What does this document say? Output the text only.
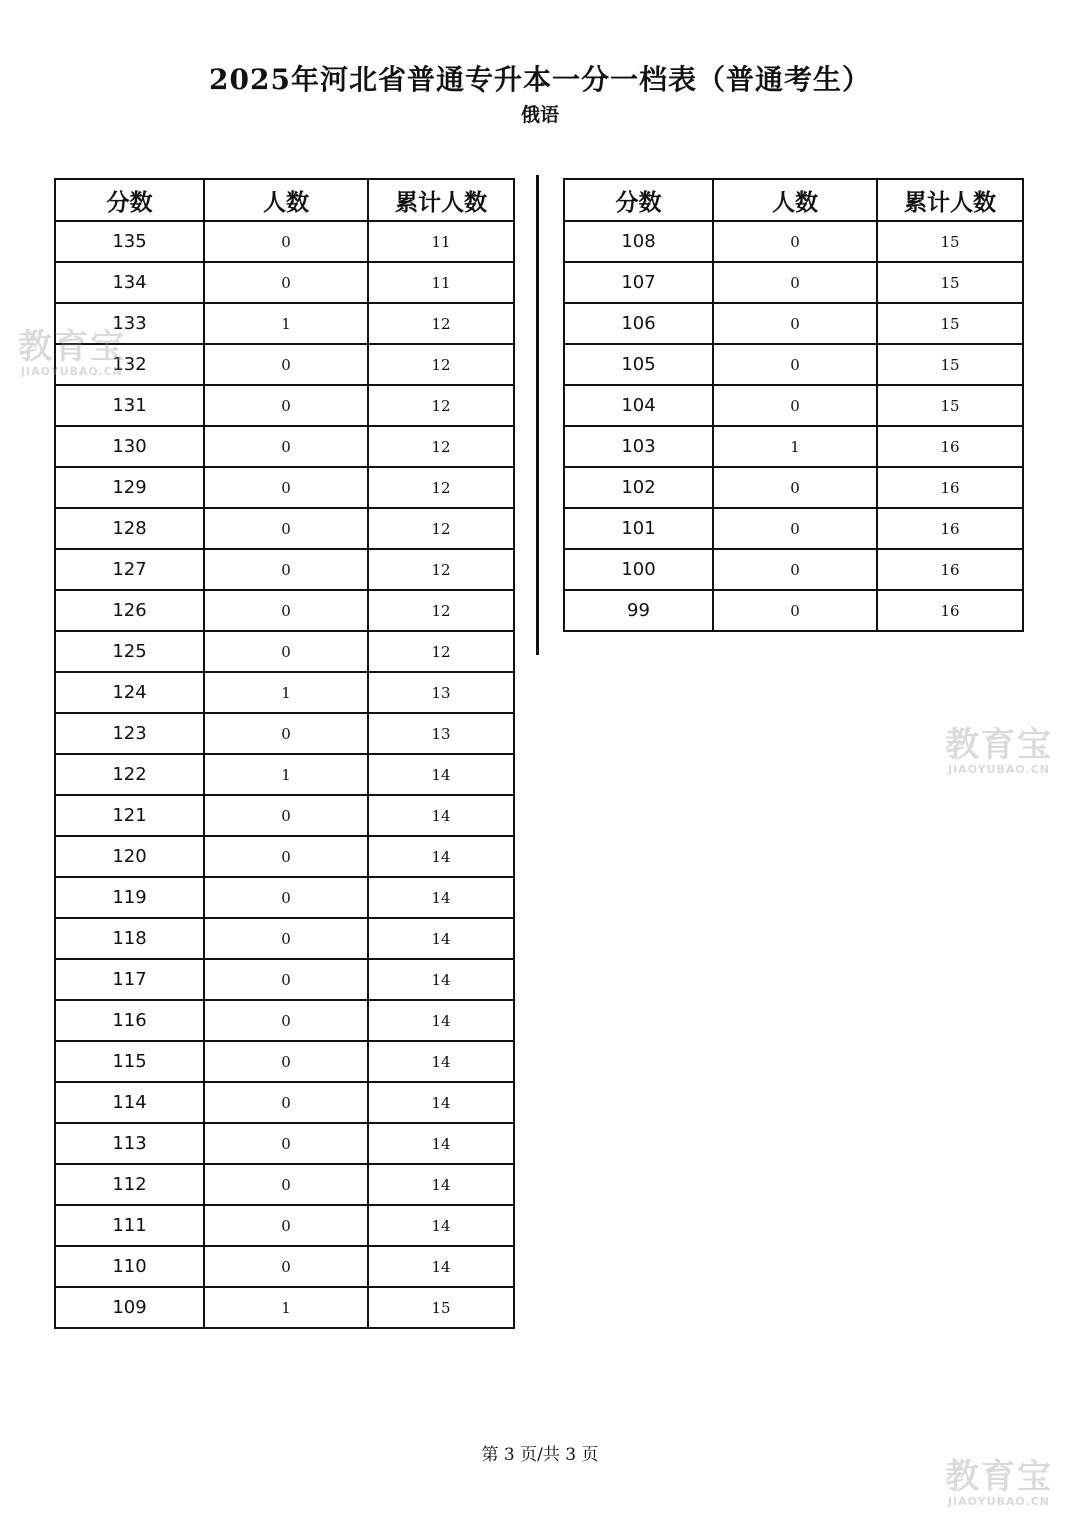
2025年河北省普通专升本一分一档表（普通考生）
俄语
分数	人数	累计人数
135	0	11
134	0	11
133	1	12
132	0	12
131	0	12
130	0	12
129	0	12
128	0	12
127	0	12
126	0	12
125	0	12
124	1	13
123	0	13
122	1	14
121	0	14
120	0	14
119	0	14
118	0	14
117	0	14
116	0	14
115	0	14
114	0	14
113	0	14
112	0	14
111	0	14
110	0	14
109	1	15
分数	人数	累计人数
108	0	15
107	0	15
106	0	15
105	0	15
104	0	15
103	1	16
102	0	16
101	0	16
100	0	16
99	0	16
第 3 页/共 3 页
教育宝
JIAOYUBAO.CN
教育宝
JIAOYUBAO.CN
教育宝
JIAOYUBAO.CN
